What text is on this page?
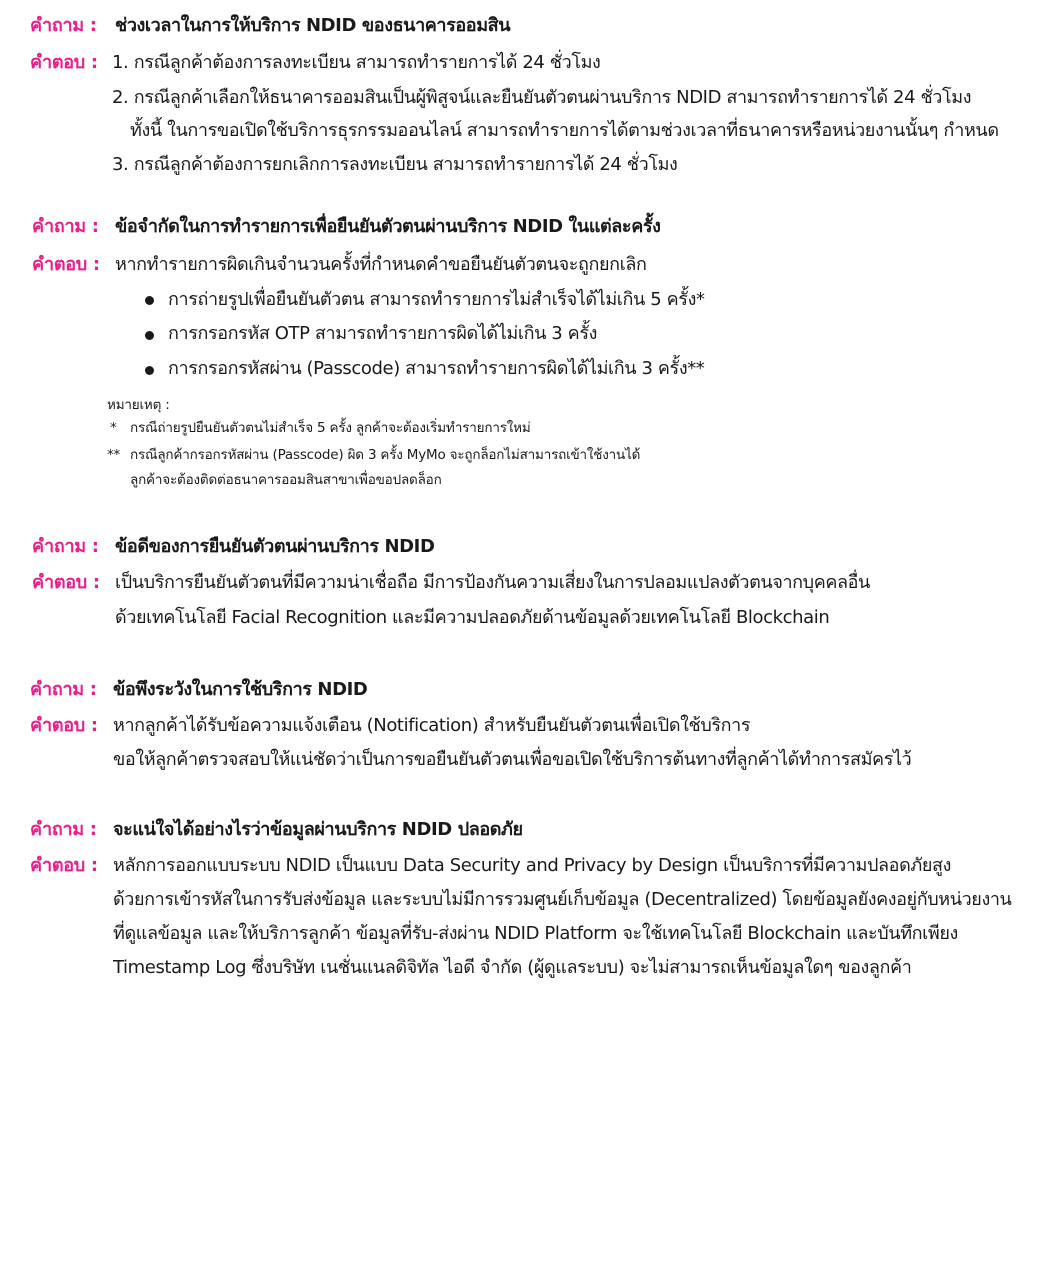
คำถาม : ช่วงเวลาในการให้บริการ NDID ของธนาคารออมสิน
คำตอบ : 1. กรณีลูกค้าต้องการลงทะเบียน สามารถทำรายการได้ 24 ชั่วโมง
2. กรณีลูกค้าเลือกให้ธนาคารออมสินเป็นผู้พิสูจน์และยืนยันตัวตนผ่านบริการ NDID สามารถทำรายการได้ 24 ชั่วโมง
ทั้งนี้ ในการขอเปิดใช้บริการธุรกรรมออนไลน์ สามารถทำรายการได้ตามช่วงเวลาที่ธนาคารหรือหน่วยงานนั้นๆ กำหนด
3. กรณีลูกค้าต้องการยกเลิกการลงทะเบียน สามารถทำรายการได้ 24 ชั่วโมง
คำถาม : ข้อจำกัดในการทำรายการเพื่อยืนยันตัวตนผ่านบริการ NDID ในแต่ละครั้ง
คำตอบ : หากทำรายการผิดเกินจำนวนครั้งที่กำหนดคำขอยืนยันตัวตนจะถูกยกเลิก
การถ่ายรูปเพื่อยืนยันตัวตน สามารถทำรายการไม่สำเร็จได้ไม่เกิน 5 ครั้ง*
การกรอกรหัส OTP สามารถทำรายการผิดได้ไม่เกิน 3 ครั้ง
การกรอกรหัสผ่าน (Passcode) สามารถทำรายการผิดได้ไม่เกิน 3 ครั้ง**
หมายเหตุ :
* กรณีถ่ายรูปยืนยันตัวตนไม่สำเร็จ 5 ครั้ง ลูกค้าจะต้องเริ่มทำรายการใหม่
** กรณีลูกค้ากรอกรหัสผ่าน (Passcode) ผิด 3 ครั้ง MyMo จะถูกล็อกไม่สามารถเข้าใช้งานได้
ลูกค้าจะต้องติดต่อธนาคารออมสินสาขาเพื่อขอปลดล็อก
คำถาม : ข้อดีของการยืนยันตัวตนผ่านบริการ NDID
คำตอบ : เป็นบริการยืนยันตัวตนที่มีความน่าเชื่อถือ มีการป้องกันความเสี่ยงในการปลอมแปลงตัวตนจากบุคคลอื่น
ด้วยเทคโนโลยี Facial Recognition และมีความปลอดภัยด้านข้อมูลด้วยเทคโนโลยี Blockchain
คำถาม : ข้อพึงระวังในการใช้บริการ NDID
คำตอบ : หากลูกค้าได้รับข้อความแจ้งเตือน (Notification) สำหรับยืนยันตัวตนเพื่อเปิดใช้บริการ
ขอให้ลูกค้าตรวจสอบให้แน่ชัดว่าเป็นการขอยืนยันตัวตนเพื่อขอเปิดใช้บริการต้นทางที่ลูกค้าได้ทำการสมัครไว้
คำถาม : จะแน่ใจได้อย่างไรว่าข้อมูลผ่านบริการ NDID ปลอดภัย
คำตอบ : หลักการออกแบบระบบ NDID เป็นแบบ Data Security and Privacy by Design เป็นบริการที่มีความปลอดภัยสูง
ด้วยการเข้ารหัสในการรับส่งข้อมูล และระบบไม่มีการรวมศูนย์เก็บข้อมูล (Decentralized) โดยข้อมูลยังคงอยู่กับหน่วยงาน
ที่ดูแลข้อมูล และให้บริการลูกค้า ข้อมูลที่รับ-ส่งผ่าน NDID Platform จะใช้เทคโนโลยี Blockchain และบันทึกเพียง
Timestamp Log ซึ่งบริษัท เนชั่นแนลดิจิทัล ไอดี จำกัด (ผู้ดูแลระบบ) จะไม่สามารถเห็นข้อมูลใดๆ ของลูกค้า
